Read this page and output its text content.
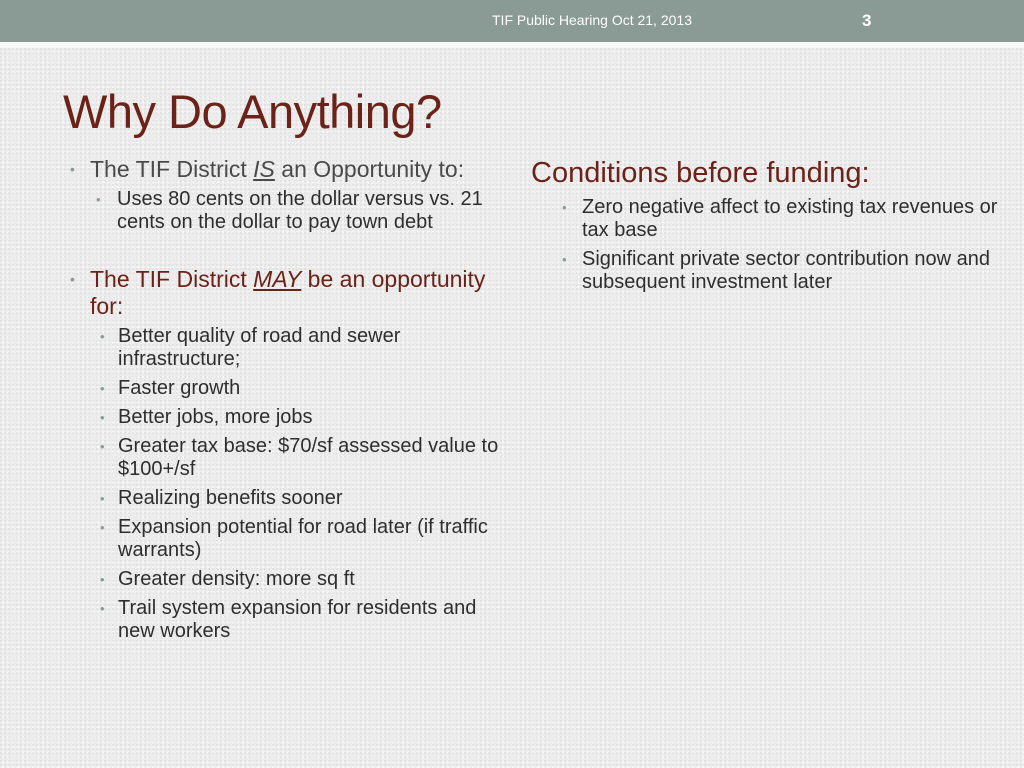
TIF Public Hearing Oct 21, 2013	3
Why Do Anything?
• The TIF District IS an Opportunity to:
• Uses 80 cents on the dollar versus vs. 21 cents on the dollar to pay town debt
• The TIF District MAY be an opportunity for:
• Better quality of road and sewer infrastructure;
• Faster growth
• Better jobs, more jobs
• Greater tax base: $70/sf assessed value to $100+/sf
• Realizing benefits sooner
• Expansion potential for road later (if traffic warrants)
• Greater density: more sq ft
• Trail system expansion for residents and new workers
Conditions before funding:
• Zero negative affect to existing tax revenues or tax base
• Significant private sector contribution now and subsequent investment later
